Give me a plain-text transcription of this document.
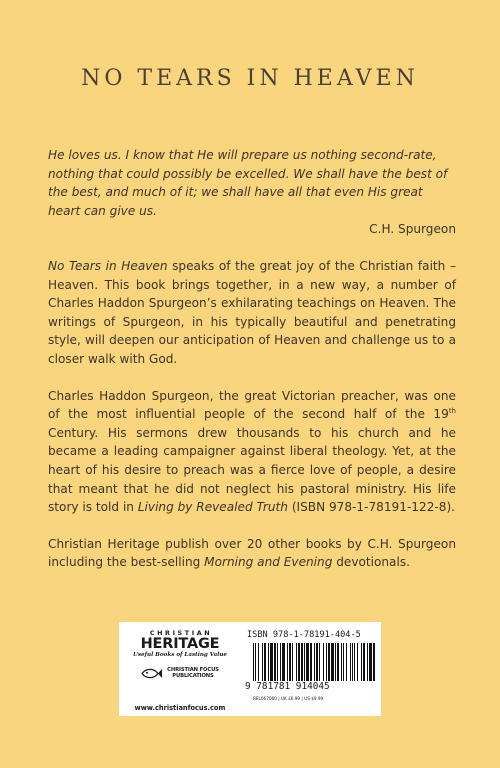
NO TEARS IN HEAVEN

He loves us. I know that He will prepare us nothing second-rate, nothing that could possibly be excelled. We shall have the best of the best, and much of it; we shall have all that even His great heart can give us.

C.H. Spurgeon

No Tears in Heaven speaks of the great joy of the Christian faith – Heaven. This book brings together, in a new way, a number of Charles Haddon Spurgeon’s exhilarating teachings on Heaven. The writings of Spurgeon, in his typically beautiful and penetrating style, will deepen our anticipation of Heaven and challenge us to a closer walk with God.

Charles Haddon Spurgeon, the great Victorian preacher, was one of the most influential people of the second half of the 19th Century. His sermons drew thousands to his church and he became a leading campaigner against liberal theology. Yet, at the heart of his desire to preach was a fierce love of people, a desire that meant that he did not neglect his pastoral ministry. His life story is told in Living by Revealed Truth (ISBN 978-1-78191-122-8).

Christian Heritage publish over 20 other books by C.H. Spurgeon including the best-selling Morning and Evening devotionals.

CHRISTIAN
HERITAGE
Useful Books of Lasting Value
CHRISTIAN FOCUS
PUBLICATIONS
www.christianfocus.com
ISBN 978-1-78191-404-5
9 781781 914045
REL067060 | UK £6.99 | US $9.99
